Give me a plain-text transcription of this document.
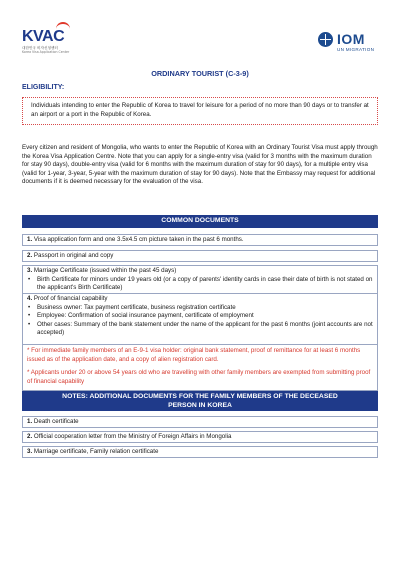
KVAC
대한민국 비자신청센터
Korea Visa Application Center
IOM
UN MIGRATION
ORDINARY TOURIST (C-3-9)
ELIGIBILITY:
Individuals intending to enter the Republic of Korea to travel for leisure for a period of no more than 90 days or to transfer at an airport or a port in the Republic of Korea.
Every citizen and resident of Mongolia, who wants to enter the Republic of Korea with an Ordinary Tourist Visa must apply through the Korea Visa Application Centre. Note that you can apply for a single-entry visa (valid for 3 months with the maximum duration for stay 90 days), double-entry visa (valid for 6 months with the maximum duration of stay for 90 days), for a multiple entry visa (valid for 1-year, 3-year, 5-year with the maximum duration of stay for 90 days). Note that the Embassy may request for additional documents if it is deemed necessary for the evaluation of the visa.
COMMON DOCUMENTS
1. Visa application form and one 3.5x4.5 cm picture taken in the past 6 months.
2. Passport in original and copy
3. Marriage Certificate (issued within the past 45 days)
• Birth Certificate for minors under 19 years old (or a copy of parents' identity cards in case their date of birth is not stated on the applicant's Birth Certificate)
4. Proof of financial capability
• Business owner: Tax payment certificate, business registration certificate
• Employee: Confirmation of social insurance payment, certificate of employment
• Other cases: Summary of the bank statement under the name of the applicant for the past 6 months (joint accounts are not accepted)
* For immediate family members of an E-9-1 visa holder: original bank statement, proof of remittance for at least 6 months issued as of the application date, and a copy of alien registration card.
* Applicants under 20 or above 54 years old who are travelling with other family members are exempted from submitting proof of financial capability
NOTES: ADDITIONAL DOCUMENTS FOR THE FAMILY MEMBERS OF THE DECEASED PERSON IN KOREA
1. Death certificate
2. Official cooperation letter from the Ministry of Foreign Affairs in Mongolia
3. Marriage certificate, Family relation certificate
